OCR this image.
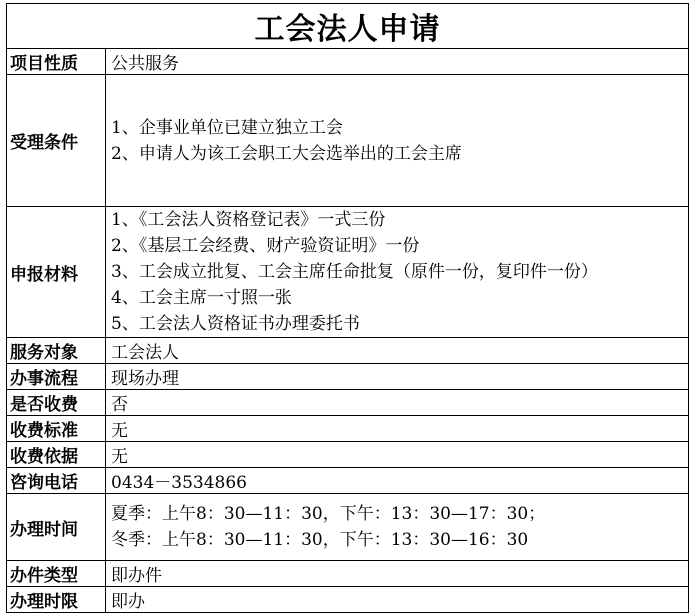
工会法人申请	
项目性质	公共服务
受理条件	1、企事业单位已建立独立工会
2、申请人为该工会职工大会选举出的工会主席

申报材料	1、《工会法人资格登记表》一式三份
2、《基层工会经费、财产验资证明》一份
3、工会成立批复、工会主席任命批复（原件一份，复印件一份）
4、工会主席一寸照一张
5、工会法人资格证书办理委托书

服务对象	工会法人
办事流程	现场办理
是否收费	否
收费标准	无
收费依据	无
咨询电话	0434－3534866
办理时间	夏季：上午8：30—11：30，下午：13：30—17：30；
冬季：上午8：30—11：30，下午：13：30—16：30

办件类型	即办件
办理时限	即办
